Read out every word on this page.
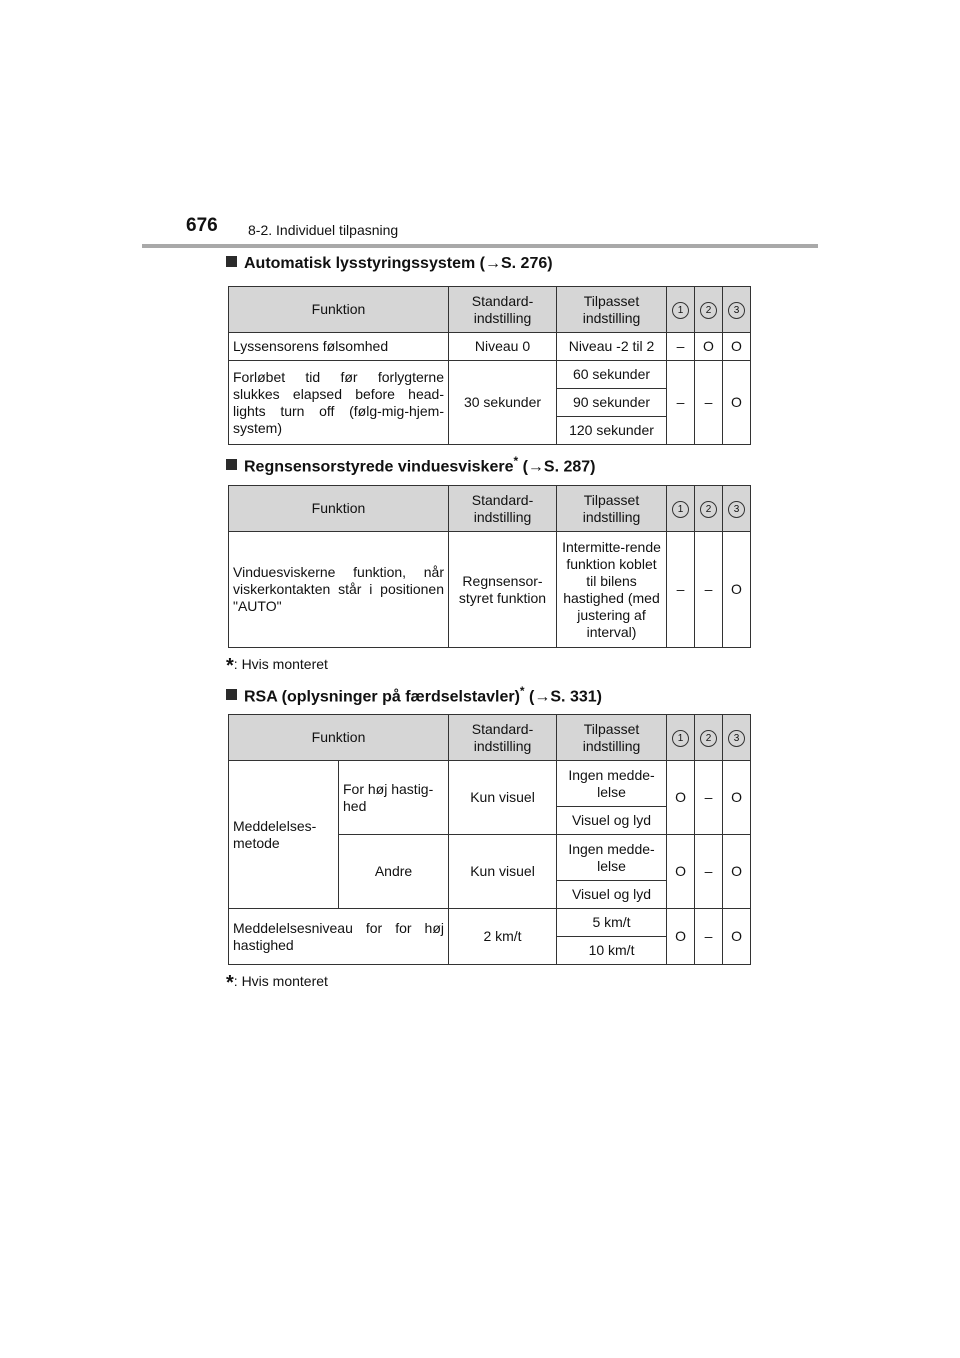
676 8-2. Individuel tilpasning
Automatisk lysstyringssystem (→S. 276)
Funktion	Standard-indstilling	Tilpasset indstilling	1	2	3
Lyssensorens følsomhed	Niveau 0	Niveau -2 til 2	–	O	O
Forløbet tid før forlygterne slukkes elapsed before head-lights turn off (følg-mig-hjem-system)	30 sekunder	60 sekunder	–	–	O
		90 sekunder			
		120 sekunder			
Regnsensorstyrede vinduesviskere* (→S. 287)
Funktion	Standard-indstilling	Tilpasset indstilling	1	2	3
Vinduesviskerne funktion, når viskerkontakten står i positionen "AUTO"	Regnsensor-styret funktion	Intermitte-rende funktion koblet til bilens hastighed (med justering af interval)	–	–	O
*: Hvis monteret
RSA (oplysninger på færdselstavler)* (→S. 331)
Funktion		Standard-indstilling	Tilpasset indstilling	1	2	3
Meddelelses-metode	For høj hastig-hed	Kun visuel	Ingen medde-lelse	O	–	O
			Visuel og lyd			
	Andre	Kun visuel	Ingen medde-lelse	O	–	O
			Visuel og lyd			
Meddelelsesniveau for for høj hastighed		2 km/t	5 km/t	O	–	O
			10 km/t			
*: Hvis monteret
